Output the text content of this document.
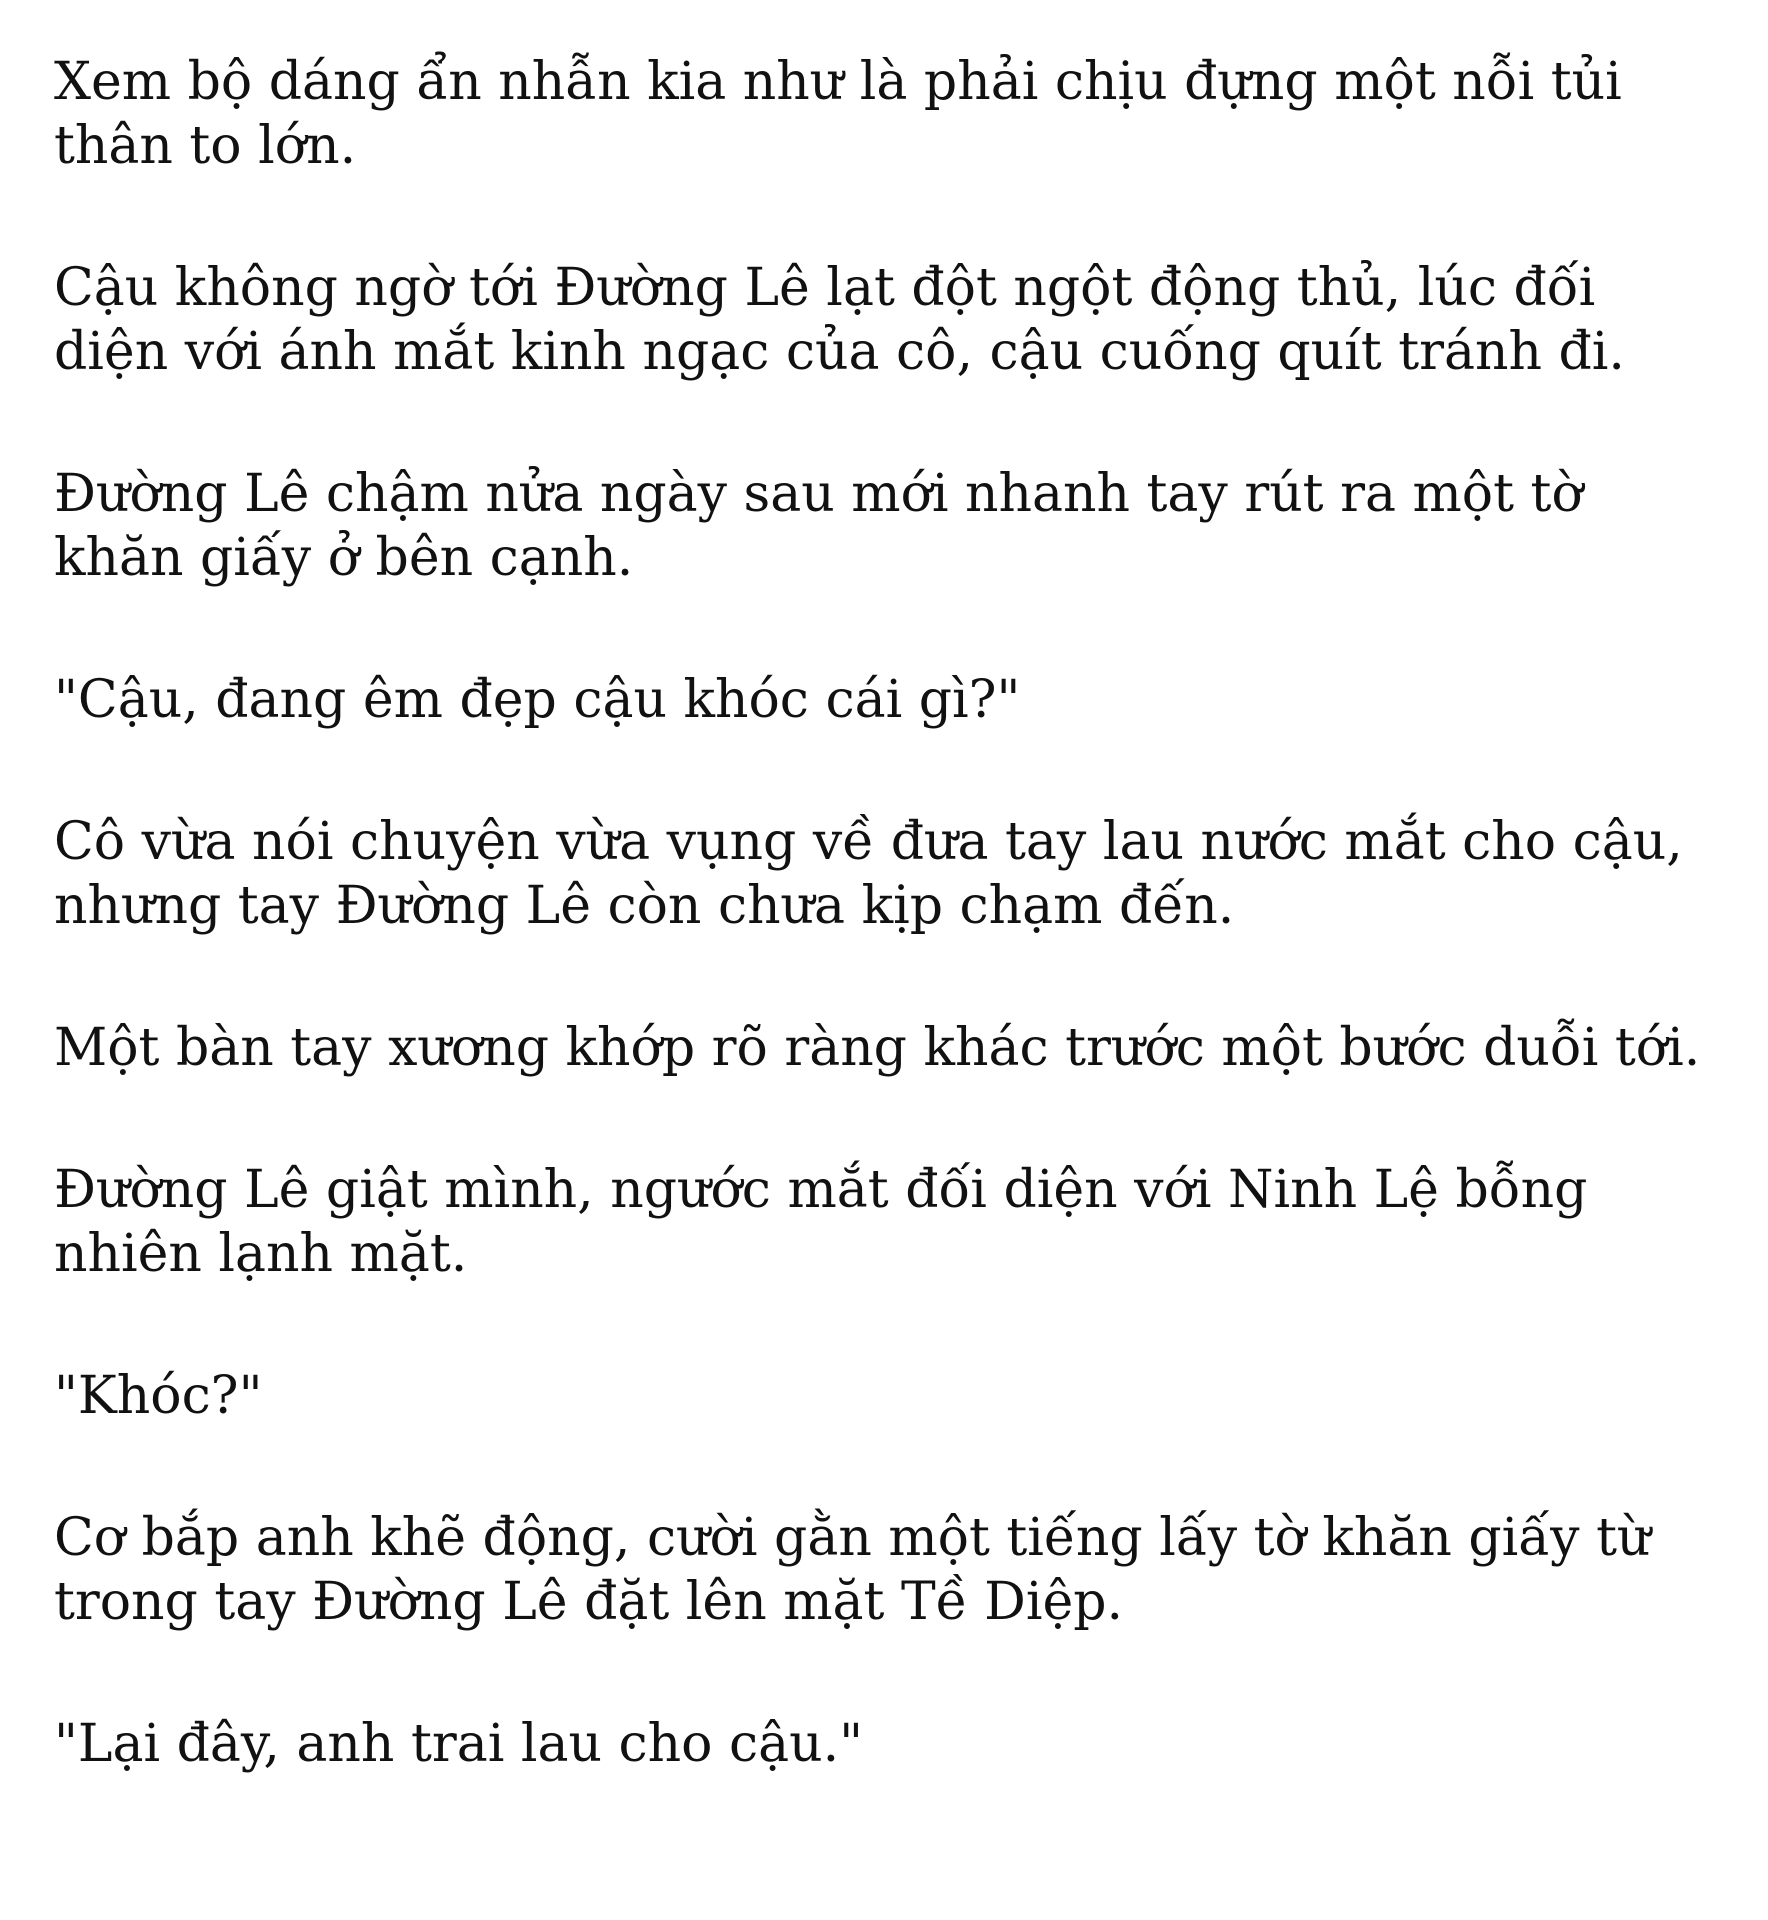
Xem bộ dáng ẩn nhẫn kia như là phải chịu đựng một nỗi tủi thân to lớn.

Cậu không ngờ tới Đường Lê lạt đột ngột động thủ, lúc đối diện với ánh mắt kinh ngạc của cô, cậu cuống quít tránh đi.

Đường Lê chậm nửa ngày sau mới nhanh tay rút ra một tờ khăn giấy ở bên cạnh.

"Cậu, đang êm đẹp cậu khóc cái gì?"

Cô vừa nói chuyện vừa vụng về đưa tay lau nước mắt cho cậu, nhưng tay Đường Lê còn chưa kịp chạm đến.

Một bàn tay xương khớp rõ ràng khác trước một bước duỗi tới.

Đường Lê giật mình, ngước mắt đối diện với Ninh Lệ bỗng nhiên lạnh mặt.

"Khóc?"

Cơ bắp anh khẽ động, cười gằn một tiếng lấy tờ khăn giấy từ trong tay Đường Lê đặt lên mặt Tề Diệp.

"Lại đây, anh trai lau cho cậu."
